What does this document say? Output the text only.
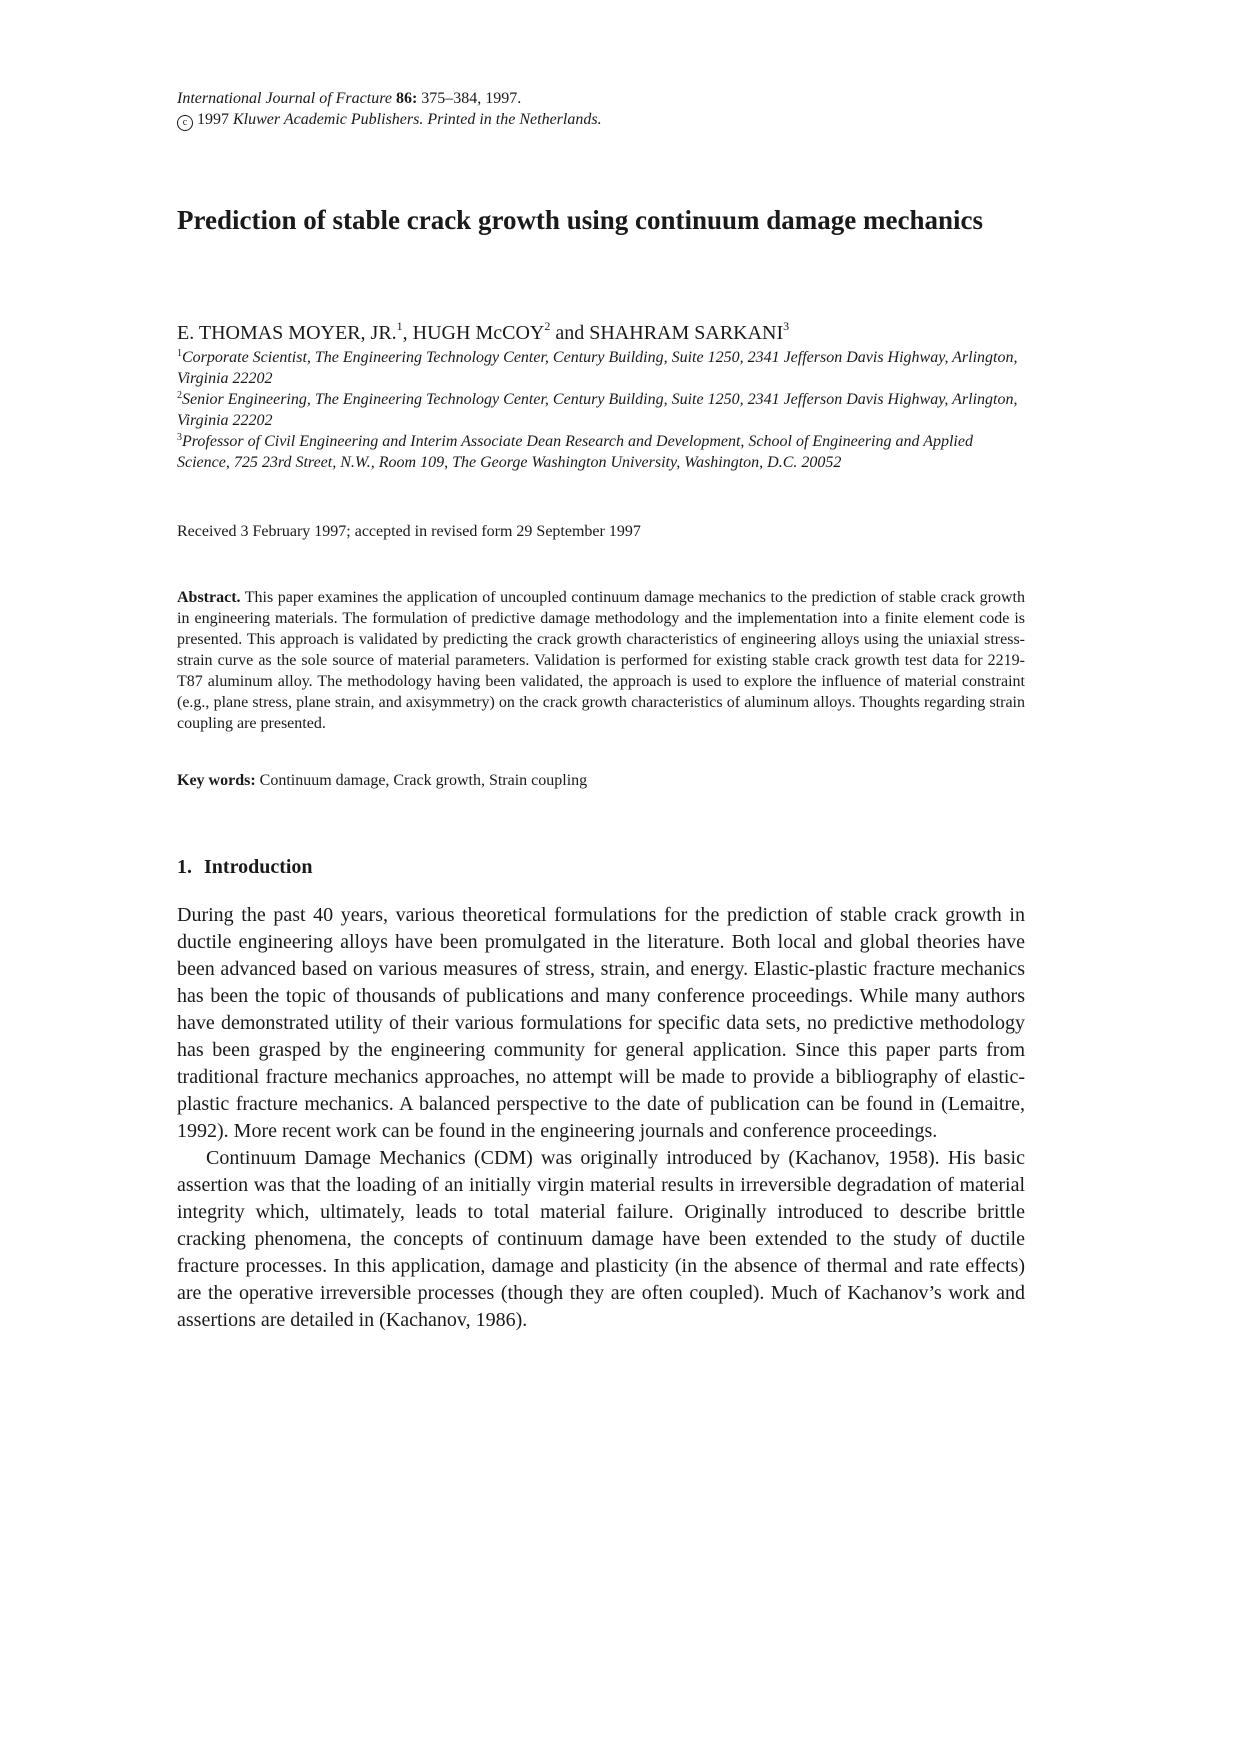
International Journal of Fracture 86: 375–384, 1997.
c 1997 Kluwer Academic Publishers. Printed in the Netherlands.
Prediction of stable crack growth using continuum damage mechanics
E. THOMAS MOYER, JR.$^1$, HUGH McCOY$^2$ and SHAHRAM SARKANI$^3$
$^1$Corporate Scientist, The Engineering Technology Center, Century Building, Suite 1250, 2341 Jefferson Davis Highway, Arlington, Virginia 22202
$^2$Senior Engineering, The Engineering Technology Center, Century Building, Suite 1250, 2341 Jefferson Davis Highway, Arlington, Virginia 22202
$^3$Professor of Civil Engineering and Interim Associate Dean Research and Development, School of Engineering and Applied Science, 725 23rd Street, N.W., Room 109, The George Washington University, Washington, D.C. 20052
Received 3 February 1997; accepted in revised form 29 September 1997

Abstract. This paper examines the application of uncoupled continuum damage mechanics to the prediction of stable crack growth in engineering materials. The formulation of predictive damage methodology and the implementation into a finite element code is presented. This approach is validated by predicting the crack growth characteristics of engineering alloys using the uniaxial stress-strain curve as the sole source of material parameters. Validation is performed for existing stable crack growth test data for 2219-T87 aluminum alloy. The methodology having been validated, the approach is used to explore the influence of material constraint (e.g., plane stress, plane strain, and axisymmetry) on the crack growth characteristics of aluminum alloys. Thoughts regarding strain coupling are presented.

Key words: Continuum damage, Crack growth, Strain coupling
1. Introduction

During the past 40 years, various theoretical formulations for the prediction of stable crack growth in ductile engineering alloys have been promulgated in the literature. Both local and global theories have been advanced based on various measures of stress, strain, and energy. Elastic-plastic fracture mechanics has been the topic of thousands of publications and many conference proceedings. While many authors have demonstrated utility of their various formulations for specific data sets, no predictive methodology has been grasped by the engineering community for general application. Since this paper parts from traditional fracture mechanics approaches, no attempt will be made to provide a bibliography of elastic-plastic fracture mechanics. A balanced perspective to the date of publication can be found in (Lemaitre, 1992). More recent work can be found in the engineering journals and conference proceedings.

Continuum Damage Mechanics (CDM) was originally introduced by (Kachanov, 1958). His basic assertion was that the loading of an initially virgin material results in irreversible degradation of material integrity which, ultimately, leads to total material failure. Originally introduced to describe brittle cracking phenomena, the concepts of continuum damage have been extended to the study of ductile fracture processes. In this application, damage and plasticity (in the absence of thermal and rate effects) are the operative irreversible processes (though they are often coupled). Much of Kachanov’s work and assertions are detailed in (Kachanov, 1986).
